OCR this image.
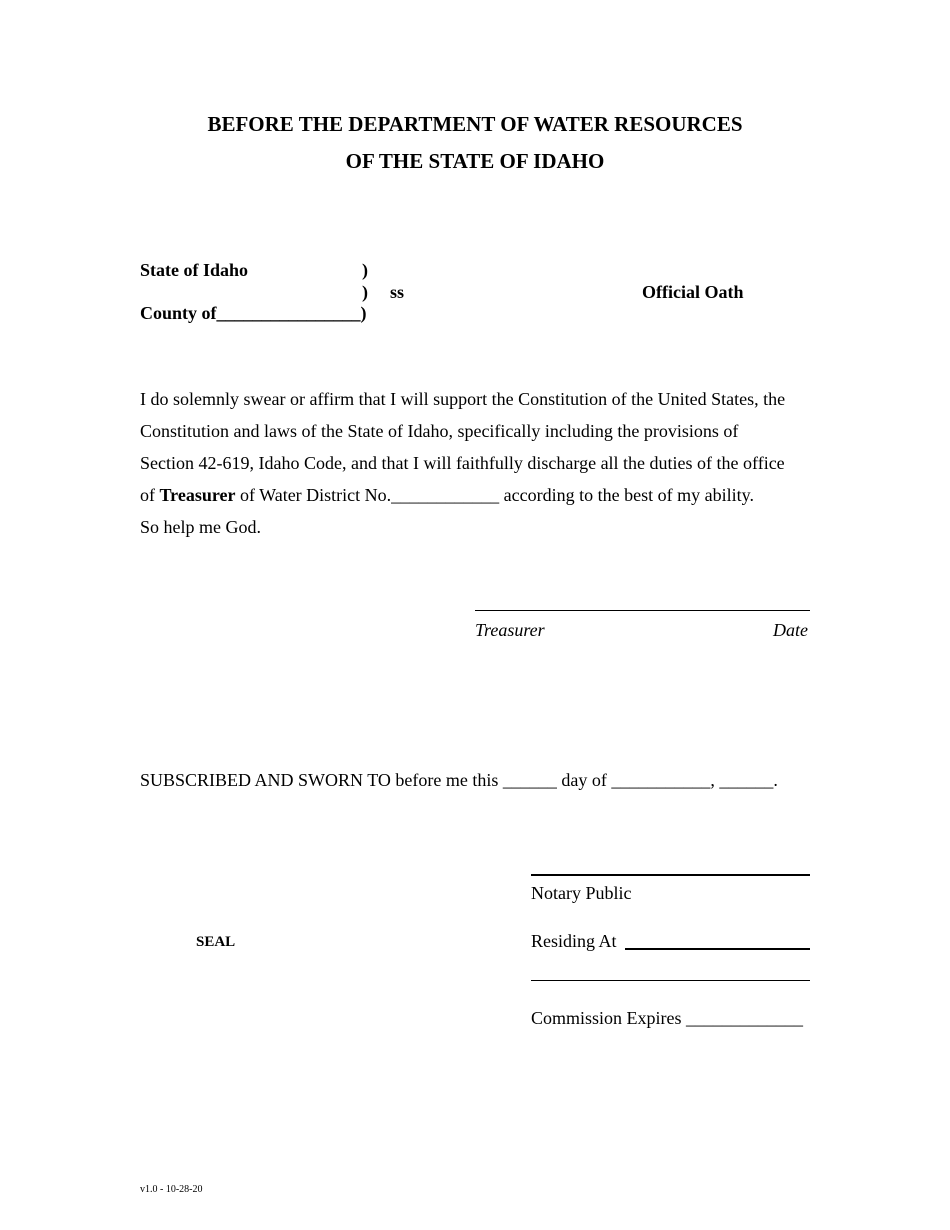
BEFORE THE DEPARTMENT OF WATER RESOURCES
OF THE STATE OF IDAHO
State of Idaho	)
) ss	Official Oath
County of________________)
I do solemnly swear or affirm that I will support the Constitution of the United States, the
Constitution and laws of the State of Idaho, specifically including the provisions of
Section 42-619, Idaho Code, and that I will faithfully discharge all the duties of the office
of Treasurer of Water District No.____________ according to the best of my ability.
So help me God.
Treasurer	Date
SUBSCRIBED AND SWORN TO before me this ______ day of ___________, ______.
Notary Public
SEAL	Residing At
Commission Expires _____________
v1.0 - 10-28-20
